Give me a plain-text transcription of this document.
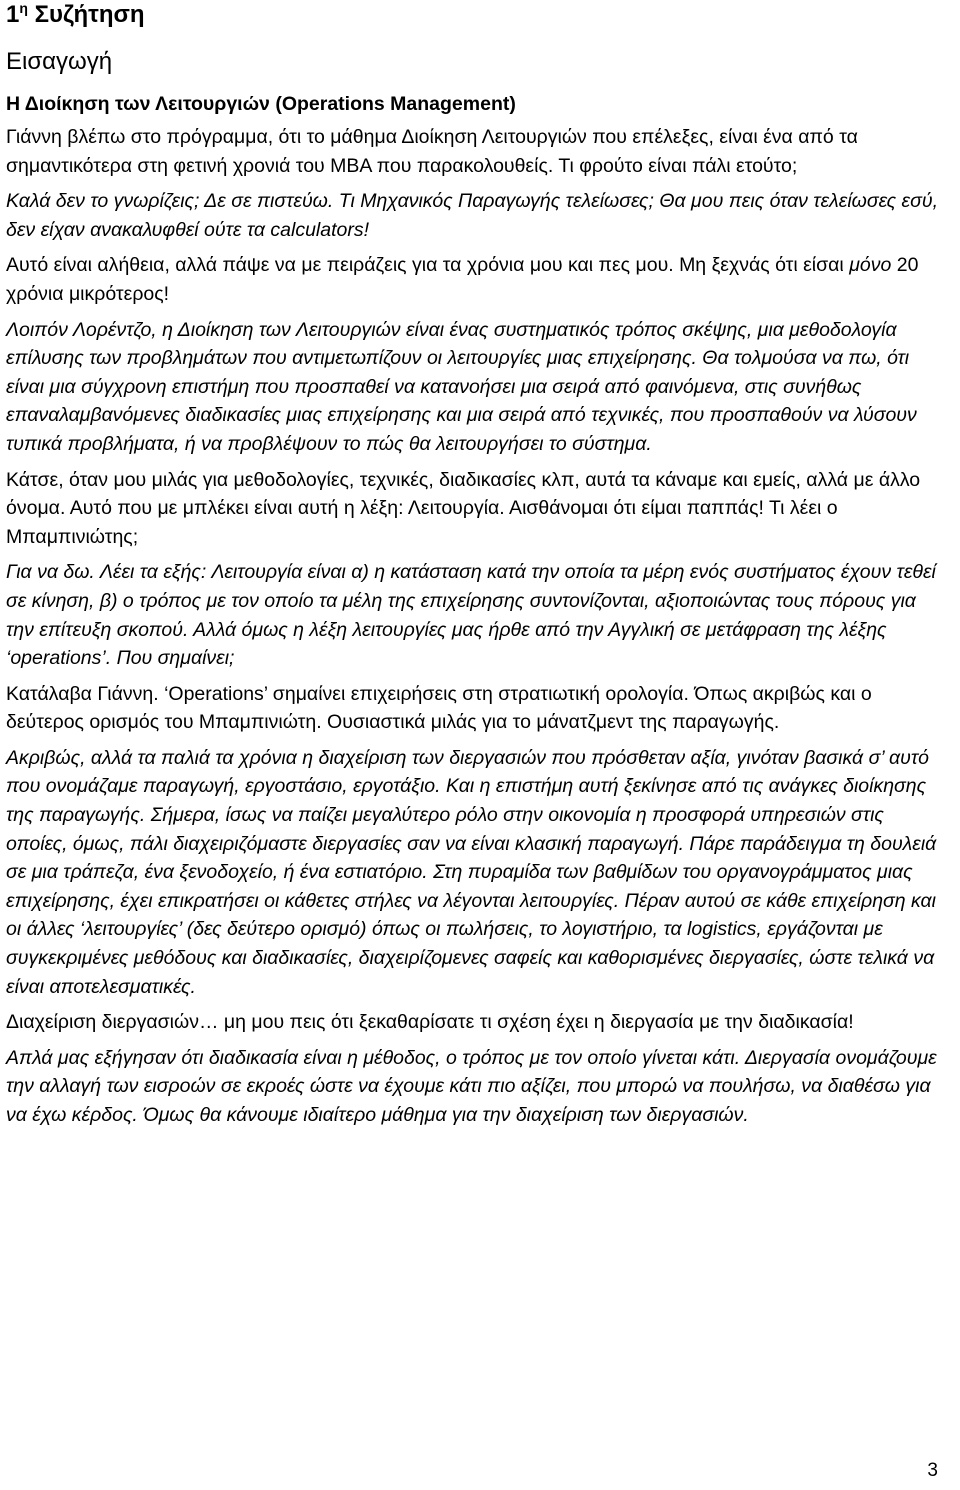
$1^\eta$ Συζήτηση
Εισαγωγή
Η Διοίκηση των Λειτουργιών (Operations Management)

Γιάννη βλέπω στο πρόγραμμα, ότι το μάθημα Διοίκηση Λειτουργιών που επέλεξες, είναι ένα από τα σημαντικότερα στη φετινή χρονιά του ΜΒΑ που παρακολουθείς. Τι φρούτο είναι πάλι ετούτο;

Καλά δεν το γνωρίζεις; Δε σε πιστεύω. Τι Μηχανικός Παραγωγής τελείωσες; Θα μου πεις όταν τελείωσες εσύ, δεν είχαν ανακαλυφθεί ούτε τα calculators!

Αυτό είναι αλήθεια, αλλά πάψε να με πειράζεις για τα χρόνια μου και πες μου. Μη ξεχνάς ότι είσαι μόνο 20 χρόνια μικρότερος!

Λοιπόν Λορέντζο, η Διοίκηση των Λειτουργιών είναι ένας συστηματικός τρόπος σκέψης, μια μεθοδολογία επίλυσης των προβλημάτων που αντιμετωπίζουν οι λειτουργίες μιας επιχείρησης. Θα τολμούσα να πω, ότι είναι μια σύγχρονη επιστήμη που προσπαθεί να κατανοήσει μια σειρά από φαινόμενα, στις συνήθως επαναλαμβανόμενες διαδικασίες μιας επιχείρησης και μια σειρά από τεχνικές, που προσπαθούν να λύσουν τυπικά προβλήματα, ή να προβλέψουν το πώς θα λειτουργήσει το σύστημα.

Κάτσε, όταν μου μιλάς για μεθοδολογίες, τεχνικές, διαδικασίες κλπ, αυτά τα κάναμε και εμείς, αλλά με άλλο όνομα. Αυτό που με μπλέκει είναι αυτή η λέξη: Λειτουργία. Αισθάνομαι ότι είμαι παππάς! Τι λέει ο Μπαμπινιώτης;

Για να δω. Λέει τα εξής: Λειτουργία είναι α) η κατάσταση κατά την οποία τα μέρη ενός συστήματος έχουν τεθεί σε κίνηση, β) ο τρόπος με τον οποίο τα μέλη της επιχείρησης συντονίζονται, αξιοποιώντας τους πόρους για την επίτευξη σκοπού. Αλλά όμως η λέξη λειτουργίες μας ήρθε από την Αγγλική σε μετάφραση της λέξης ‘operations’. Που σημαίνει;

Κατάλαβα Γιάννη. ‘Operations’ σημαίνει επιχειρήσεις στη στρατιωτική ορολογία. Όπως ακριβώς και ο δεύτερος ορισμός του Μπαμπινιώτη. Ουσιαστικά μιλάς για το μάνατζμεντ της παραγωγής.

Ακριβώς, αλλά τα παλιά τα χρόνια η διαχείριση των διεργασιών που πρόσθεταν αξία, γινόταν βασικά σ’ αυτό που ονομάζαμε παραγωγή, εργοστάσιο, εργοτάξιο. Και η επιστήμη αυτή ξεκίνησε από τις ανάγκες διοίκησης της παραγωγής. Σήμερα, ίσως να παίζει μεγαλύτερο ρόλο στην οικονομία η προσφορά υπηρεσιών στις οποίες, όμως, πάλι διαχειριζόμαστε διεργασίες σαν να είναι κλασική παραγωγή. Πάρε παράδειγμα τη δουλειά σε μια τράπεζα, ένα ξενοδοχείο, ή ένα εστιατόριο. Στη πυραμίδα των βαθμίδων του οργανογράμματος μιας επιχείρησης, έχει επικρατήσει οι κάθετες στήλες να λέγονται λειτουργίες. Πέραν αυτού σε κάθε επιχείρηση και οι άλλες ‘λειτουργίες’ (δες δεύτερο ορισμό) όπως οι πωλήσεις, το λογιστήριο, τα logistics, εργάζονται με συγκεκριμένες μεθόδους και διαδικασίες, διαχειρίζομενες σαφείς και καθορισμένες διεργασίες, ώστε τελικά να είναι αποτελεσματικές.

Διαχείριση διεργασιών… μη μου πεις ότι ξεκαθαρίσατε τι σχέση έχει η διεργασία με την διαδικασία!

Απλά μας εξήγησαν ότι διαδικασία είναι η μέθοδος, ο τρόπος με τον οποίο γίνεται κάτι. Διεργασία ονομάζουμε την αλλαγή των εισροών σε εκροές ώστε να έχουμε κάτι πιο αξίζει, που μπορώ να πουλήσω, να διαθέσω για να έχω κέρδος. Όμως θα κάνουμε ιδιαίτερο μάθημα για την διαχείριση των διεργασιών.

3
